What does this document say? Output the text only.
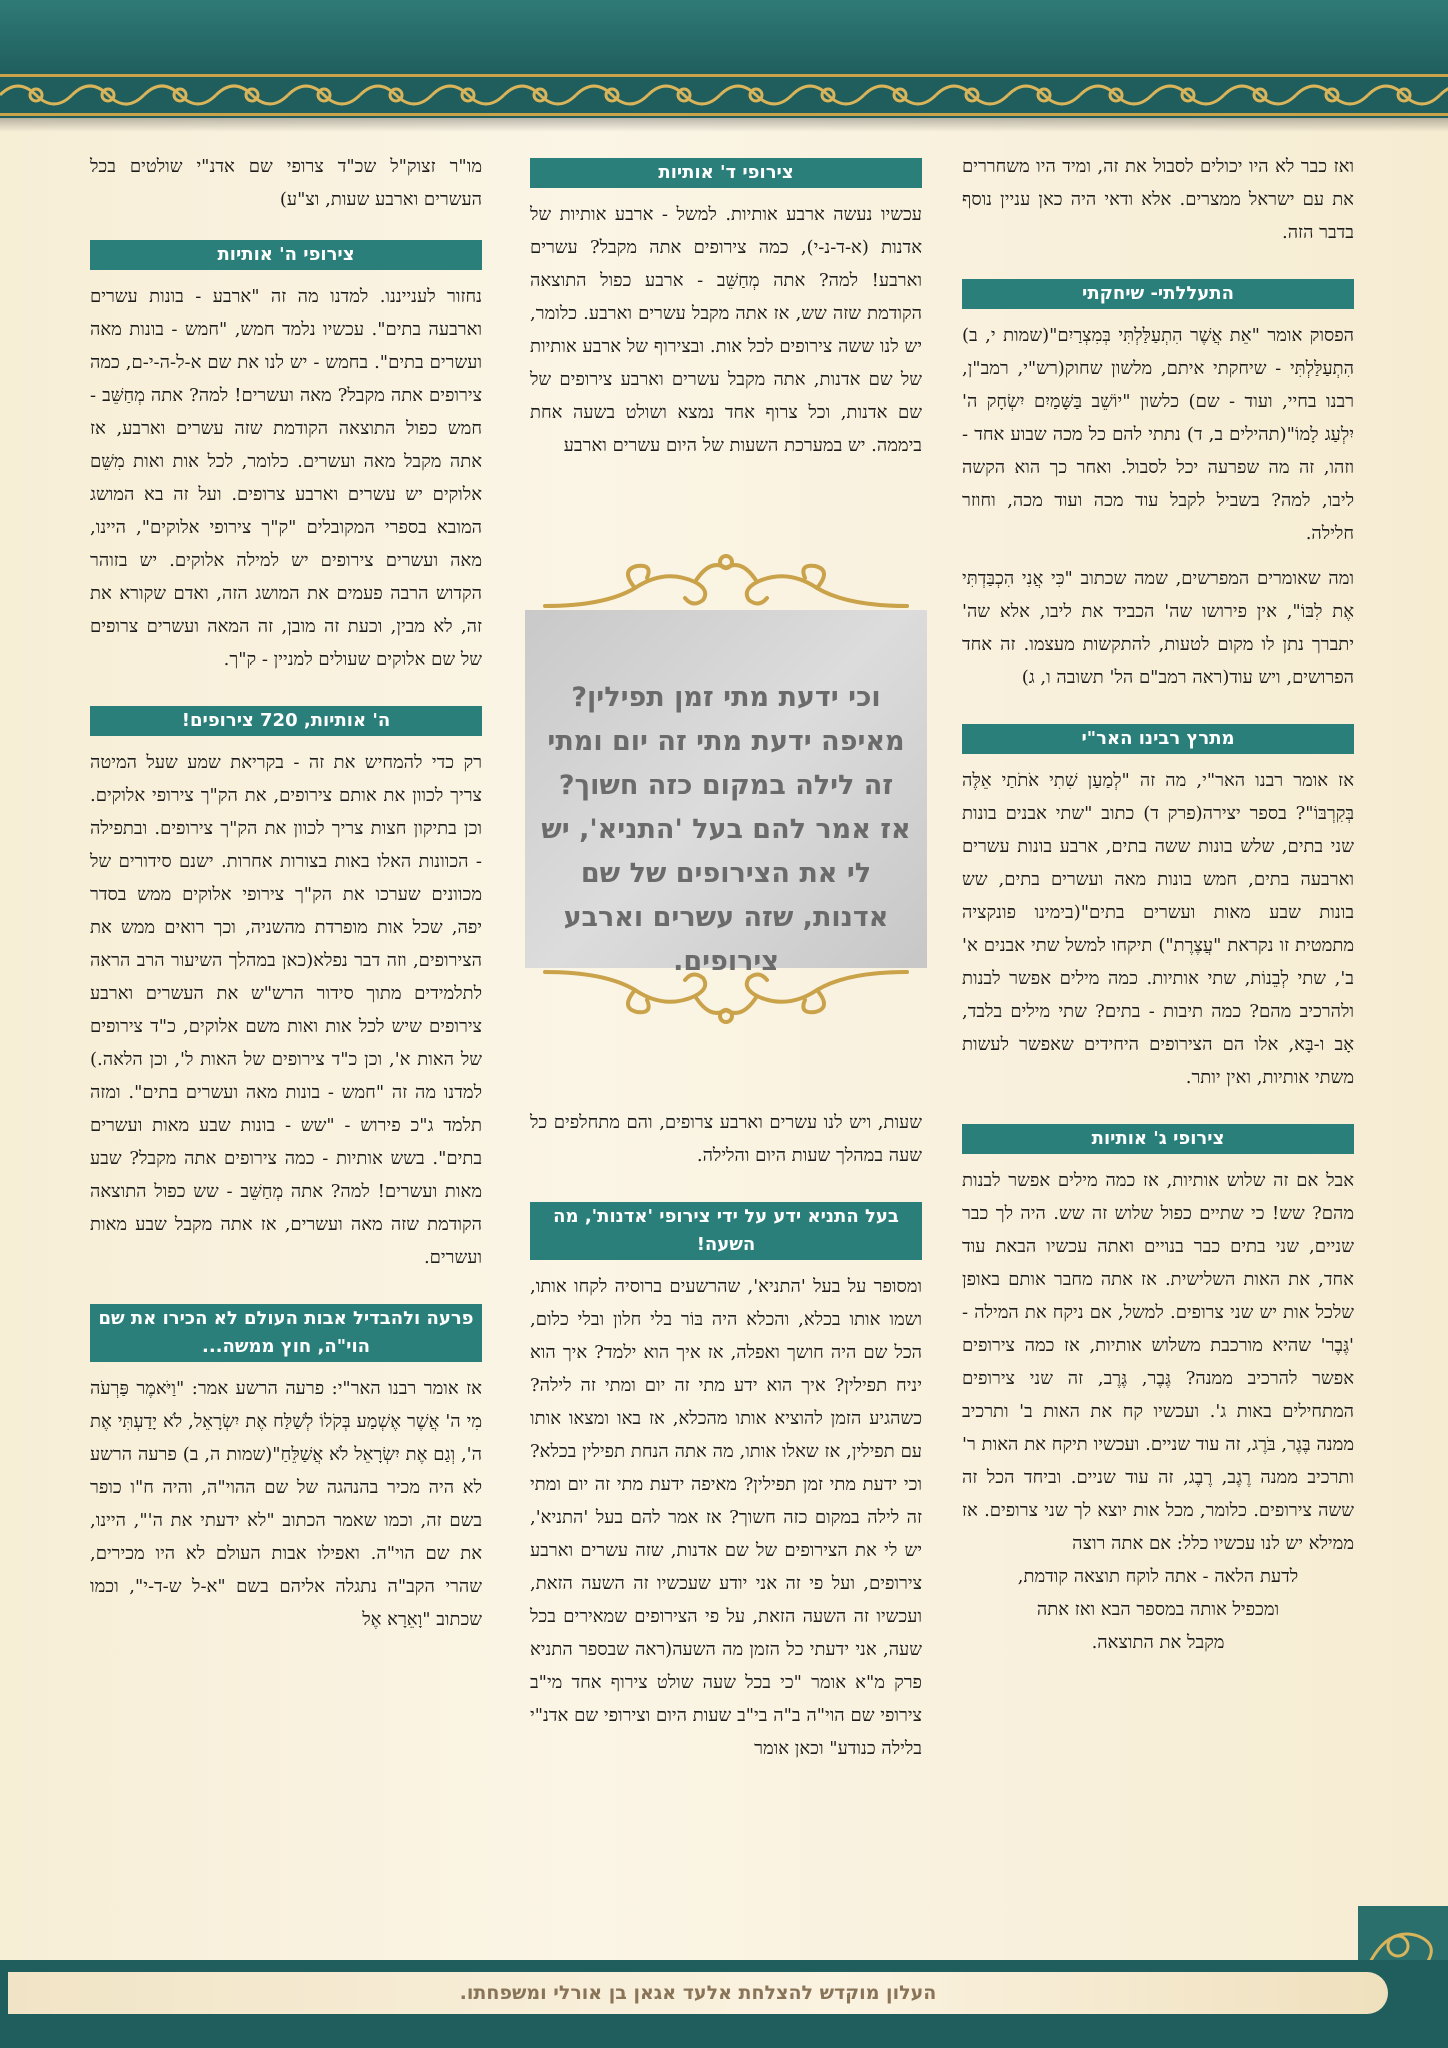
ואז כבר לא היו יכולים לסבול את זה, ומיד היו משחררים את עם ישראל ממצרים. אלא ודאי היה כאן עניין נוסף בדבר הזה.

התעללתי- שיחקתי

הפסוק אומר "אֵת אֲשֶׁר הִתְעַלַּלְתִּי בְּמִצְרַיִם"(שמות י, ב) הִתְעַלַּלְתִּי - שיחקתי איתם, מלשון שחוק(רש"י, רמב"ן, רבנו בחיי, ועוד - שם) כלשון "יוֹשֵׁב בַּשָּׁמַיִם יִשְׂחָק ה' יִלְעַג לָמוֹ"(תהילים ב, ד) נתתי להם כל מכה שבוע אחד - וזהו, זה מה שפרעה יכל לסבול. ואחר כך הוא הקשה ליבו, למה? בשביל לקבל עוד מכה ועוד מכה, וחוזר חלילה.

ומה שאומרים המפרשים, שמה שכתוב "כִּי אֲנִי הִכְבַּדְתִּי אֶת לִבּוֹ", אין פירושו שה' הכביד את ליבו, אלא שה' יתברך נתן לו מקום לטעות, להתקשות מעצמו. זה אחד הפרושים, ויש עוד(ראה רמב"ם הל' תשובה ו, ג)

מתרץ רבינו האר"י

אז אומר רבנו האר"י, מה זה "לְמַעַן שִׁתִי אֹתֹתַי אֵלֶּה בְּקִרְבּוֹ"? בספר יצירה(פרק ד) כתוב "שתי אבנים בונות שני בתים, שלש בונות ששה בתים, ארבע בונות עשרים וארבעה בתים, חמש בונות מאה ועשרים בתים, שש בונות שבע מאות ועשרים בתים"(בימינו פונקציה מתמטית זו נקראת "עֲצֶרֶת") תיקחו למשל שתי אבנים א' ב', שתי לְבֵנוֹת, שתי אותיות. כמה מילים אפשר לבנות ולהרכיב מהם? כמה תיבות - בתים? שתי מילים בלבד, אָב ו-בָּא, אלו הם הצירופים היחידים שאפשר לעשות משתי אותיות, ואין יותר.

צירופי ג' אותיות

אבל אם זה שלוש אותיות, אז כמה מילים אפשר לבנות מהם? שש! כי שתיים כפול שלוש זה שש. היה לך כבר שניים, שני בתים כבר בנויים ואתה עכשיו הבאת עוד אחד, את האות השלישית. אז אתה מחבר אותם באופן שלכל אות יש שני צרופים. למשל, אם ניקח את המילה - 'גֶּבֶר' שהיא מורכבת משלוש אותיות, אז כמה צירופים אפשר להרכיב ממנה? גֶּבֶר, גֶּרֶב, זה שני צירופים המתחילים באות ג'. ועכשיו קח את האות ב' ותרכיב ממנה בֶּגֶר, בֹּרֶג, זה עוד שניים. ועכשיו תיקח את האות ר' ותרכיב ממנה רֶגֶב, רֶבֶג, זה עוד שניים. וביחד הכל זה ששה צירופים. כלומר, מכל אות יוצא לך שני צרופים. אז ממילא יש לנו עכשיו כלל: אם אתה רוצה

לדעת הלאה - אתה לוקח תוצאה קודמת,
ומכפיל אותה במספר הבא ואז אתה
מקבל את התוצאה.
צירופי ד' אותיות

עכשיו נעשה ארבע אותיות. למשל - ארבע אותיות של אדנות (א-ד-נ-י), כמה צירופים אתה מקבל? עשרים וארבע! למה? אתה מְחַשֵּׁב - ארבע כפול התוצאה הקודמת שזה שש, אז אתה מקבל עשרים וארבע. כלומר, יש לנו ששה צירופים לכל אות. ובצירוף של ארבע אותיות של שם אדנות, אתה מקבל עשרים וארבע צירופים של שם אדנות, וכל צרוף אחד נמצא ושולט בשעה אחת ביממה. יש במערכת השעות של היום עשרים וארבע

שעות, ויש לנו עשרים וארבע צרופים, והם מתחלפים כל שעה במהלך שעות היום והלילה.

בעל התניא ידע על ידי צירופי 'אדנות', מה השעה!

ומסופר על בעל 'התניא', שהרשעים ברוסיה לקחו אותו, ושמו אותו בכלא, והכלא היה בּוֹר בלי חלון ובלי כלום, הכל שם היה חושך ואפלה, אז איך הוא ילמד? איך הוא יניח תפילין? איך הוא ידע מתי זה יום ומתי זה לילה? כשהגיע הזמן להוציא אותו מהכלא, אז באו ומצאו אותו עם תפילין, אז שאלו אותו, מה אתה הנחת תפילין בכלא? וכי ידעת מתי זמן תפילין? מאיפה ידעת מתי זה יום ומתי זה לילה במקום כזה חשוך? אז אמר להם בעל 'התניא', יש לי את הצירופים של שם אדנות, שזה עשרים וארבע צירופים, ועל פי זה אני יודע שעכשיו זה השעה הזאת, ועכשיו זה השעה הזאת, על פי הצירופים שמאירים בכל שעה, אני ידעתי כל הזמן מה השעה(ראה שבספר התניא פרק מ"א אומר "כי בכל שעה שולט צירוף אחד מי"ב צירופי שם הוי"ה ב"ה בי"ב שעות היום וצירופי שם אדנ"י בלילה כנודע" וכאן אומר

וכי ידעת מתי זמן תפילין? מאיפה ידעת מתי זה יום ומתי זה לילה במקום כזה חשוך? אז אמר להם בעל 'התניא', יש לי את הצירופים של שם אדנות, שזה עשרים וארבע צירופים.

מו"ר זצוק"ל שכ"ד צרופי שם אדנ"י שולטים בכל העשרים וארבע שעות, וצ"ע)

צירופי ה' אותיות

נחזור לענייננו. למדנו מה זה "ארבע - בונות עשרים וארבעה בתים". עכשיו נלמד חמש, "חמש - בונות מאה ועשרים בתים". בחמש - יש לנו את שם א-ל-ה-י-ם, כמה צירופים אתה מקבל? מאה ועשרים! למה? אתה מְחַשֵּׁב - חמש כפול התוצאה הקודמת שזה עשרים וארבע, אז אתה מקבל מאה ועשרים. כלומר, לכל אות ואות מִשֵּׁם אלוקים יש עשרים וארבע צרופים. ועל זה בא המושג המובא בספרי המקובלים "ק"ך צירופי אלוקים", היינו, מאה ועשרים צירופים יש למילה אלוקים. יש בזוהר הקדוש הרבה פעמים את המושג הזה, ואדם שקורא את זה, לא מבין, וכעת זה מובן, זה המאה ועשרים צרופים של שם אלוקים שעולים למניין - ק"ך.

ה' אותיות, 720 צירופים!

רק כדי להמחיש את זה - בקריאת שמע שעל המיטה צריך לכוון את אותם צירופים, את הק"ך צירופי אלוקים. וכן בתיקון חצות צריך לכוון את הק"ך צירופים. ובתפילה - הכוונות האלו באות בצורות אחרות. ישנם סידורים של מכוונים שערכו את הק"ך צירופי אלוקים ממש בסדר יפה, שכל אות מופרדת מהשניה, וכך רואים ממש את הצירופים, וזה דבר נפלא(כאן במהלך השיעור הרב הראה לתלמידים מתוך סידור הרש"ש את העשרים וארבע צירופים שיש לכל אות ואות משם אלוקים, כ"ד צירופים של האות א', וכן כ"ד צירופים של האות ל', וכן הלאה.) למדנו מה זה "חמש - בונות מאה ועשרים בתים". ומזה תלמד ג"כ פירוש - "שש - בונות שבע מאות ועשרים בתים". בשש אותיות - כמה צירופים אתה מקבל? שבע מאות ועשרים! למה? אתה מְחַשֵּׁב - שש כפול התוצאה הקודמת שזה מאה ועשרים, אז אתה מקבל שבע מאות ועשרים.

פרעה ולהבדיל אבות העולם לא הכירו את שם הוי"ה, חוץ ממשה...

אז אומר רבנו האר"י: פרעה הרשע אמר: "וַיֹּאמֶר פַּרְעֹה מִי ה' אֲשֶׁר אֶשְׁמַע בְּקֹלוֹ לְשַׁלַּח אֶת יִשְׂרָאֵל, לֹא יָדַעְתִּי אֶת ה', וְגַם אֶת יִשְׂרָאֵל לֹא אֲשַׁלֵּחַ"(שמות ה, ב) פרעה הרשע לא היה מכיר בהנהגה של שם ההוי"ה, והיה ח"ו כופר בשם זה, וכמו שאמר הכתוב "לא ידעתי את ה'", היינו, את שם הוי"ה. ואפילו אבות העולם לא היו מכירים, שהרי הקב"ה נתגלה אליהם בשם "א-ל ש-ד-י", וכמו שכתוב "וָאֵרָא אֶל

העלון מוקדש להצלחת אלעד אגאן בן אורלי ומשפחתו.
